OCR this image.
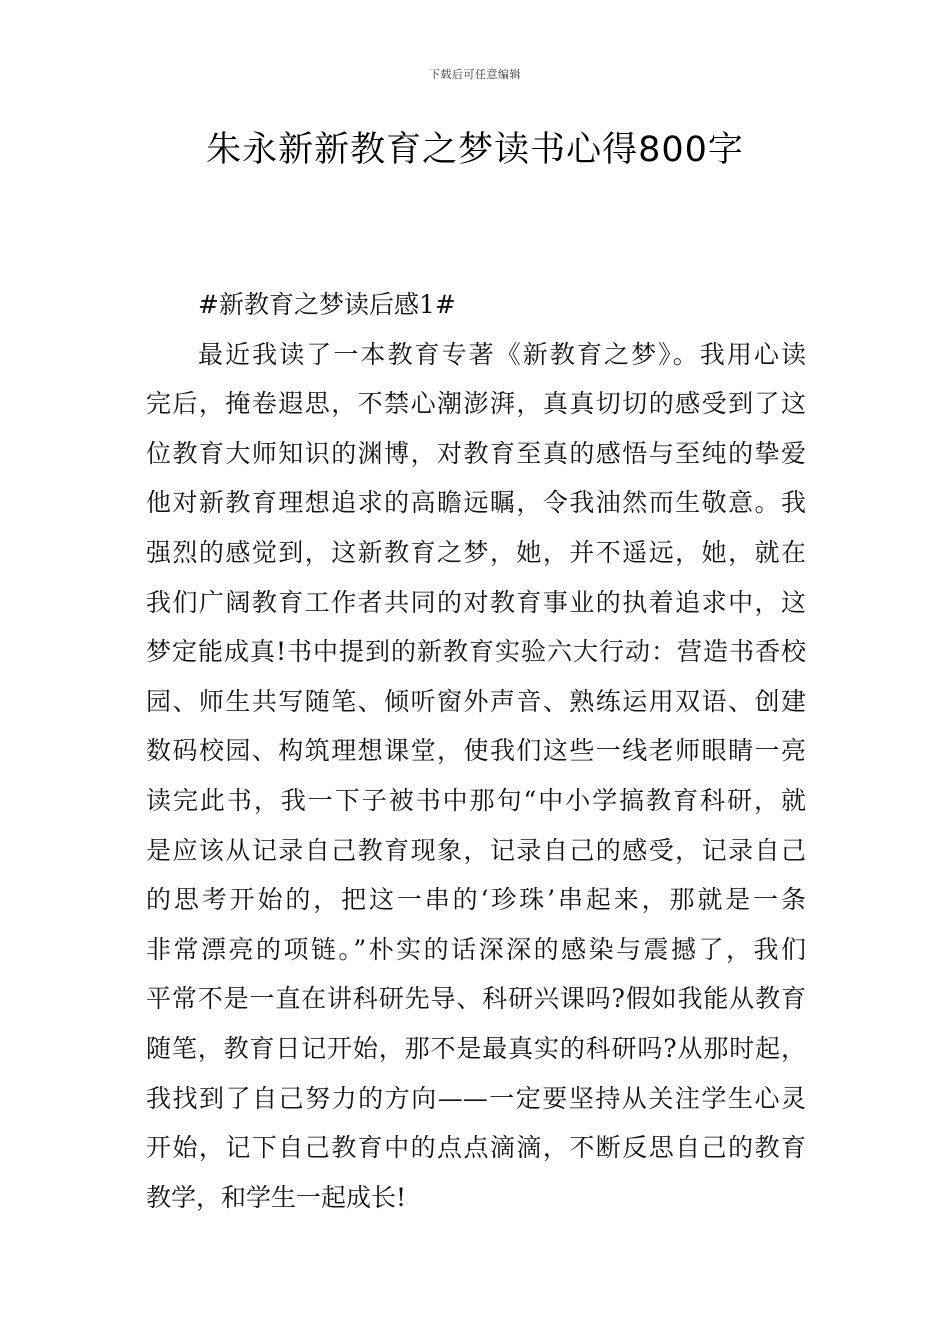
下载后可任意编辑
朱永新新教育之梦读书心得800字
#新教育之梦读后感1#
最近我读了一本教育专著《新教育之梦》。我用心读
完后，掩卷遐思，不禁心潮澎湃，真真切切的感受到了这
位教育大师知识的渊博，对教育至真的感悟与至纯的挚爱
他对新教育理想追求的高瞻远瞩，令我油然而生敬意。我
强烈的感觉到，这新教育之梦，她，并不遥远，她，就在
我们广阔教育工作者共同的对教育事业的执着追求中，这
梦定能成真!书中提到的新教育实验六大行动：营造书香校
园、师生共写随笔、倾听窗外声音、熟练运用双语、创建
数码校园、构筑理想课堂，使我们这些一线老师眼睛一亮
读完此书，我一下子被书中那句“中小学搞教育科研，就
是应该从记录自己教育现象，记录自己的感受，记录自己
的思考开始的，把这一串的‘珍珠’串起来，那就是一条
非常漂亮的项链。”朴实的话深深的感染与震撼了，我们
平常不是一直在讲科研先导、科研兴课吗?假如我能从教育
随笔，教育日记开始，那不是最真实的科研吗?从那时起，
我找到了自己努力的方向——一定要坚持从关注学生心灵
开始，记下自己教育中的点点滴滴，不断反思自己的教育
教学，和学生一起成长!
